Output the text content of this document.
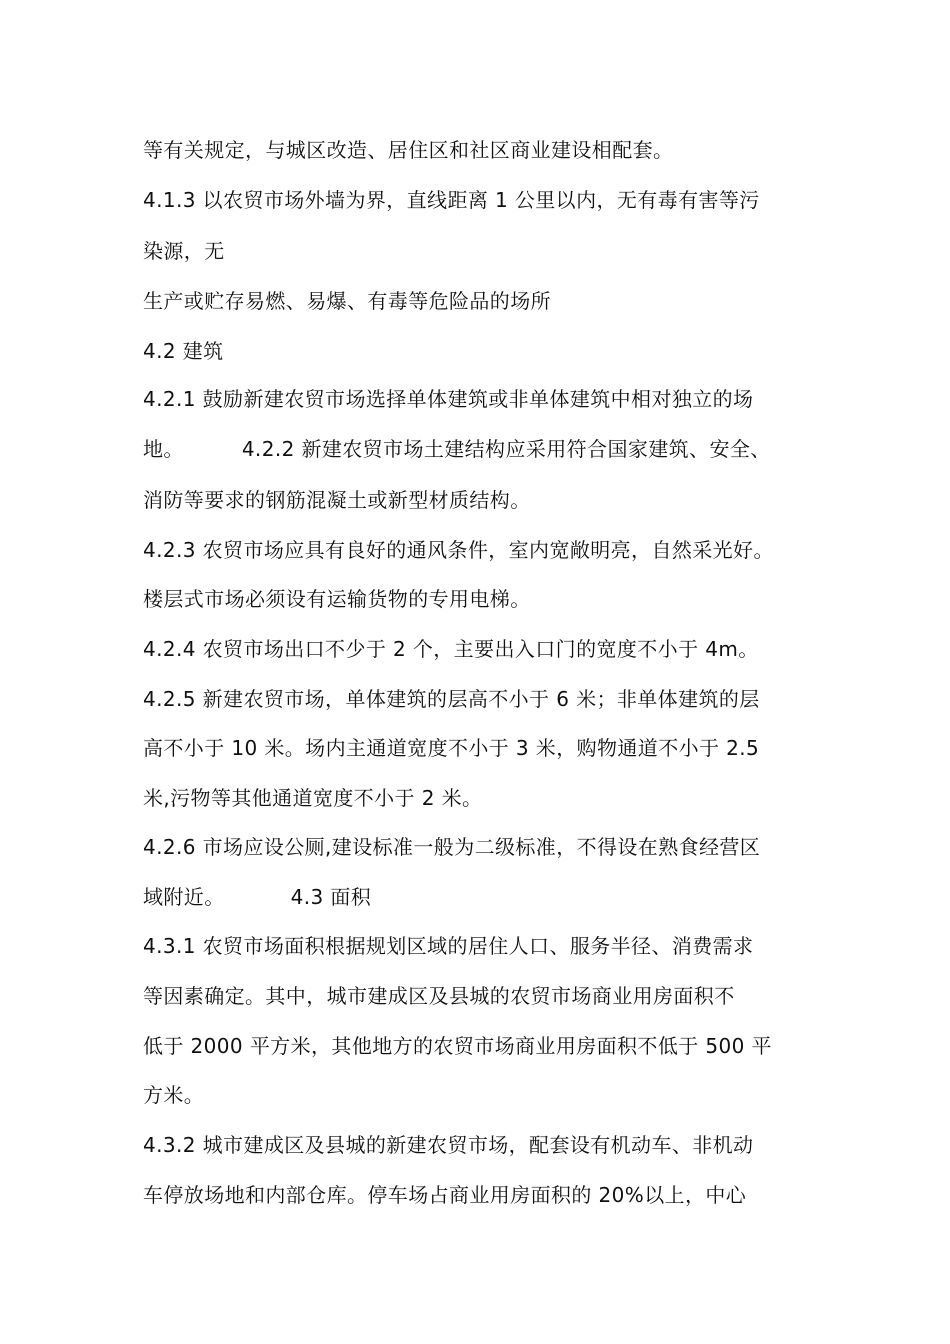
等有关规定，与城区改造、居住区和社区商业建设相配套。
4.1.3 以农贸市场外墙为界，直线距离 1 公里以内，无有毒有害等污
染源，无
生产或贮存易燃、易爆、有毒等危险品的场所
4.2 建筑
4.2.1 鼓励新建农贸市场选择单体建筑或非单体建筑中相对独立的场
地。	4.2.2 新建农贸市场土建结构应采用符合国家建筑、安全、
消防等要求的钢筋混凝土或新型材质结构。
4.2.3 农贸市场应具有良好的通风条件，室内宽敞明亮，自然采光好。
楼层式市场必须设有运输货物的专用电梯。
4.2.4 农贸市场出口不少于 2 个，主要出入口门的宽度不小于 4m。
4.2.5 新建农贸市场，单体建筑的层高不小于 6 米；非单体建筑的层
高不小于 10 米。场内主通道宽度不小于 3 米，购物通道不小于 2.5
米,污物等其他通道宽度不小于 2 米。
4.2.6 市场应设公厕,建设标准一般为二级标准，不得设在熟食经营区
域附近。	4.3 面积
4.3.1 农贸市场面积根据规划区域的居住人口、服务半径、消费需求
等因素确定。其中，城市建成区及县城的农贸市场商业用房面积不
低于 2000 平方米，其他地方的农贸市场商业用房面积不低于 500 平
方米。
4.3.2 城市建成区及县城的新建农贸市场，配套设有机动车、非机动
车停放场地和内部仓库。停车场占商业用房面积的 20%以上，中心
